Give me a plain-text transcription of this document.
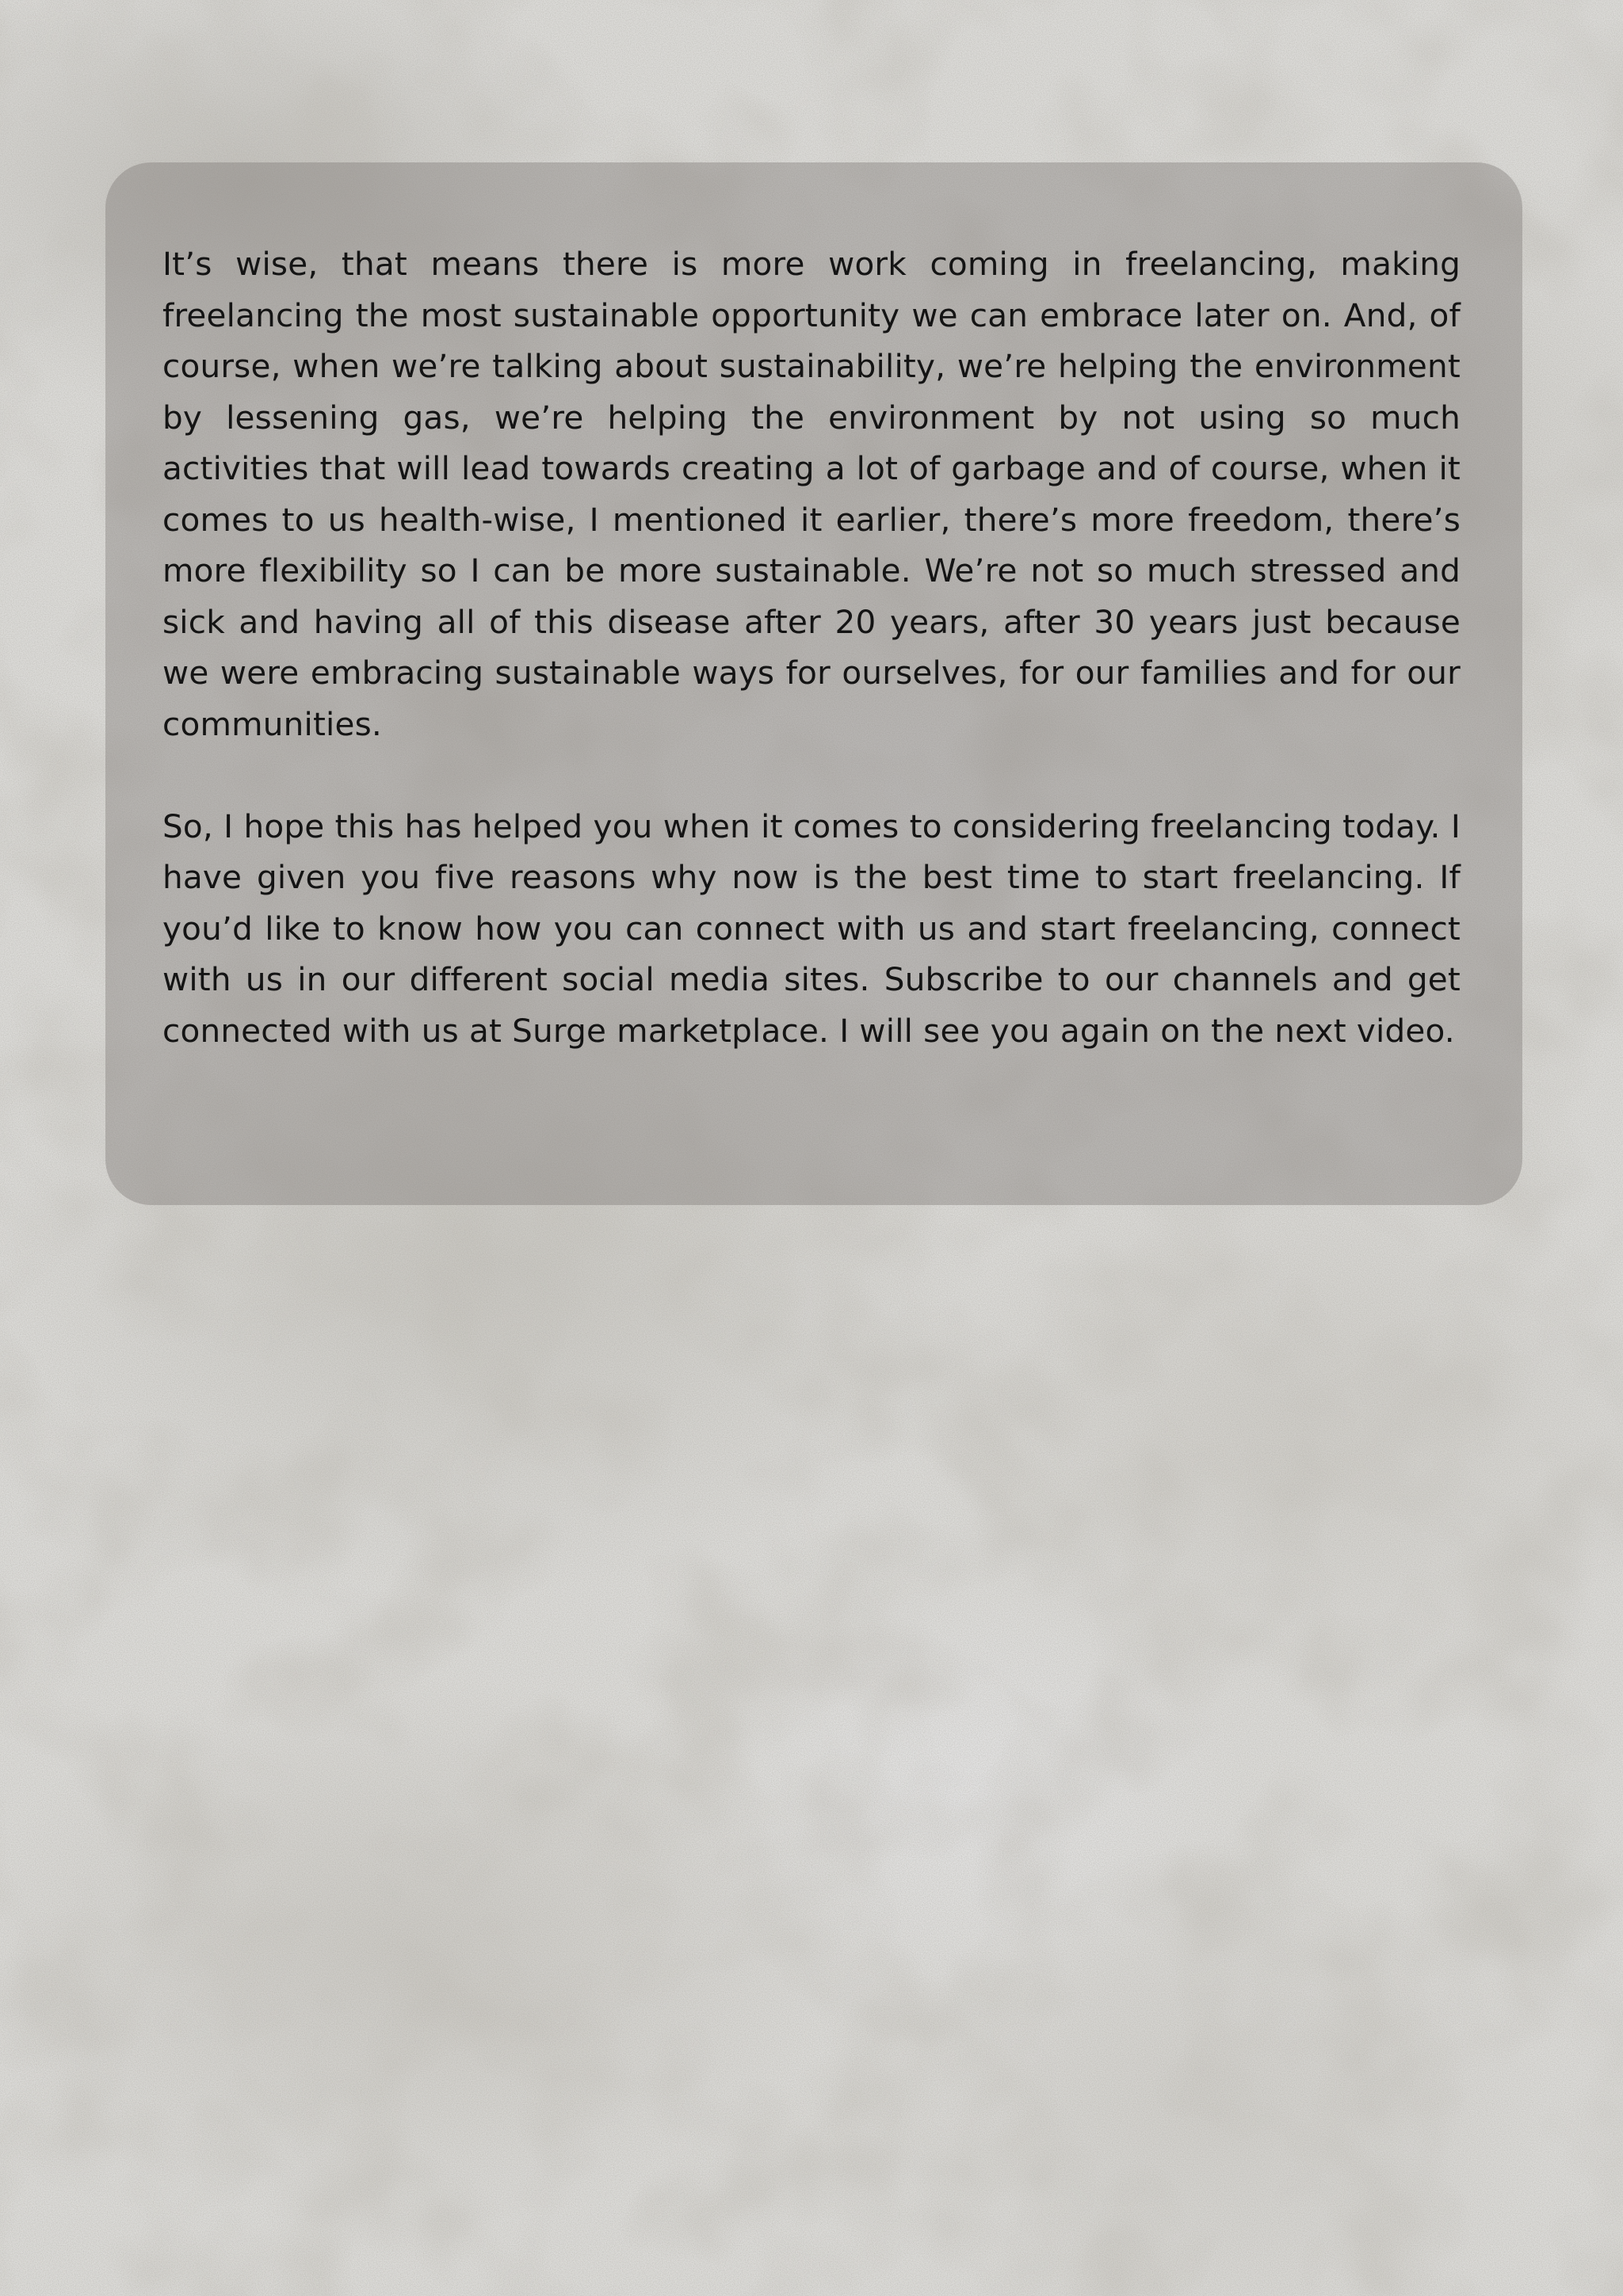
It’s wise, that means there is more work coming in freelancing, making freelancing the most sustainable opportunity we can embrace later on. And, of course, when we’re talking about sustainability, we’re helping the environment by lessening gas, we’re helping the environment by not using so much activities that will lead towards creating a lot of garbage and of course, when it comes to us health-wise, I mentioned it earlier, there’s more freedom, there’s more flexibility so I can be more sustainable. We’re not so much stressed and sick and having all of this disease after 20 years, after 30 years just because we were embracing sustainable ways for ourselves, for our families and for our communities.

So, I hope this has helped you when it comes to considering freelancing today. I have given you five reasons why now is the best time to start freelancing. If you’d like to know how you can connect with us and start freelancing, connect with us in our different social media sites. Subscribe to our channels and get connected with us at Surge marketplace. I will see you again on the next video.
